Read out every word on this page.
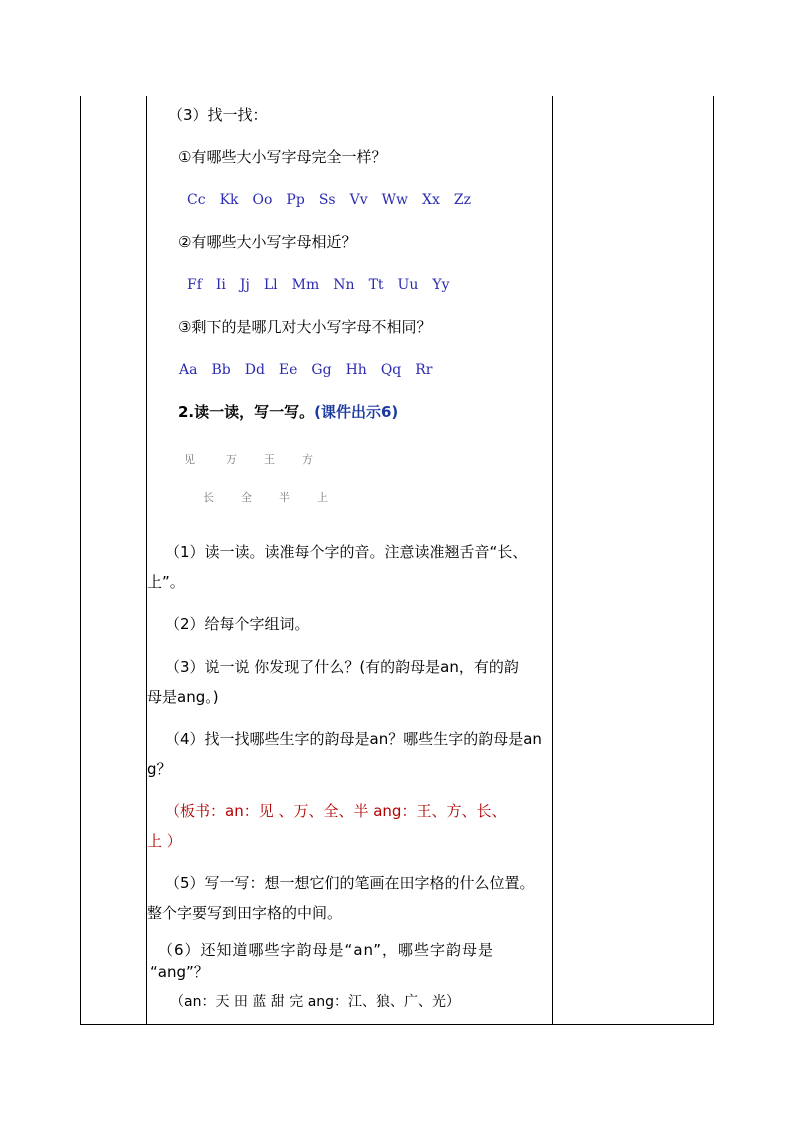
（3）找一找：
①有哪些大小写字母完全一样？
Cc Kk Oo Pp Ss Vv Ww Xx Zz
②有哪些大小写字母相近？
Ff Ii Jj Ll Mm Nn Tt Uu Yy
③剩下的是哪几对大小写字母不相同？
Aa Bb Dd Ee Gg Hh Qq Rr
2.读一读，写一写。(课件出示6)
见	万 王 方
长 全 半 上
（1）读一读。读准每个字的音。注意读准翘舌音“长、
上”。
（2）给每个字组词。
（3）说一说 你发现了什么？(有的韵母是an，有的韵
母是ang。)
（4）找一找哪些生字的韵母是an？哪些生字的韵母是an
g？
（板书：an：见 、万、全、半 ang：王、方、长、
上 ）
（5）写一写：想一想它们的笔画在田字格的什么位置。
整个字要写到田字格的中间。
（6）还知道哪些字韵母是“an”，哪些字韵母是
“ang”？
（an：天 田 蓝 甜 完 ang：江、狼、广、光）
